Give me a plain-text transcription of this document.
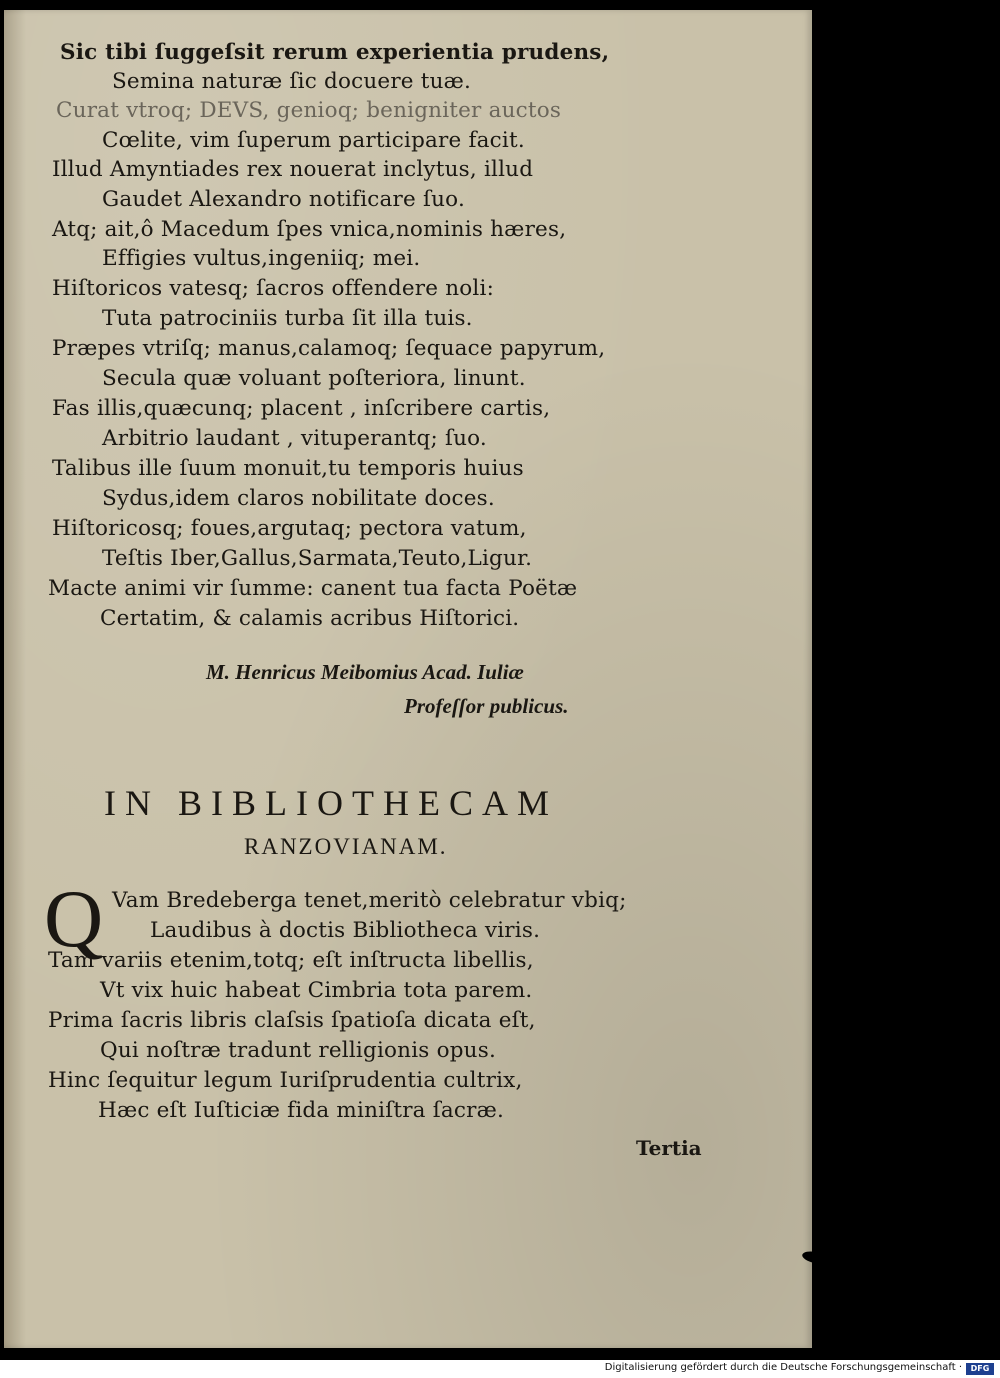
Sic tibi ſuggeſsit rerum experientia prudens,
Semina naturæ ſic docuere tuæ.
Curat vtroq; DEVS, genioq; benigniter auctos
Cœlite, vim ſuperum participare facit.
Illud Amyntiades rex nouerat inclytus, illud
Gaudet Alexandro notificare ſuo.
Atq; ait,ô Macedum ſpes vnica,nominis hæres,
Effigies vultus,ingeniiq; mei.
Hiſtoricos vatesq; ſacros offendere noli:
Tuta patrociniis turba ſit illa tuis.
Præpes vtriſq; manus,calamoq; ſequace papyrum,
Secula quæ voluant poſteriora, linunt.
Fas illis,quæcunq; placent , inſcribere cartis,
Arbitrio laudant , vituperantq; ſuo.
Talibus ille ſuum monuit,tu temporis huius
Sydus,idem claros nobilitate doces.
Hiſtoricosq; foues,argutaq; pectora vatum,
Teſtis Iber,Gallus,Sarmata,Teuto,Ligur.
Macte animi vir ſumme: canent tua facta Poëtæ
Certatim, & calamis acribus Hiſtorici.
M. Henricus Meibomius Acad. Iuliæ
Profeſſor publicus.
IN BIBLIOTHECAM
RANZOVIANAM.
Q Vam Bredeberga tenet,meritò celebratur vbiq;
Laudibus à doctis Bibliotheca viris.
Tam variis etenim,totq; eſt inſtructa libellis,
Vt vix huic habeat Cimbria tota parem.
Prima ſacris libris claſsis ſpatioſa dicata eſt,
Qui noſtræ tradunt relligionis opus.
Hinc ſequitur legum Iuriſprudentia cultrix,
Hæc eſt Iuſticiæ fida miniſtra ſacræ.
Tertia
Digitalisierung gefördert durch die Deutsche Forschungsgemeinschaft ·	DFG
